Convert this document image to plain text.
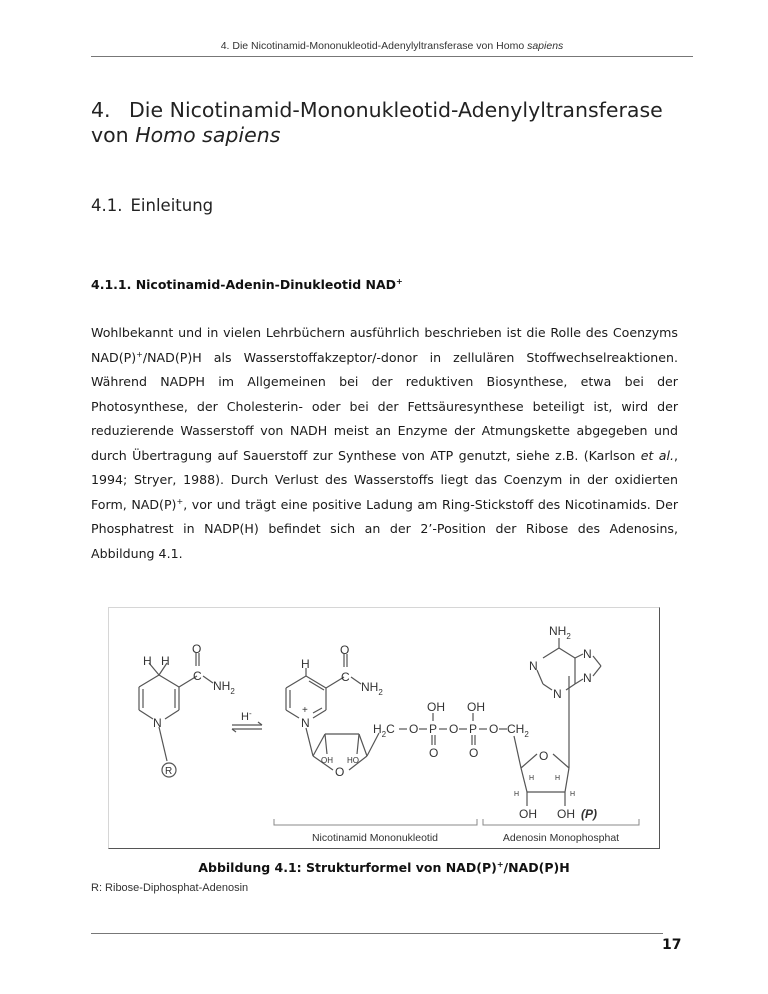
4. Die Nicotinamid-Mononukleotid-Adenylyltransferase von Homo sapiens
4. Die Nicotinamid-Mononukleotid-Adenylyltransferase
von Homo sapiens
4.1. Einleitung
4.1.1. Nicotinamid-Adenin-Dinukleotid NAD+

Wohlbekannt und in vielen Lehrbüchern ausführlich beschrieben ist die Rolle des Coenzyms NAD(P)+/NAD(P)H als Wasserstoffakzeptor/-donor in zellulären Stoffwechselreaktionen. Während NADPH im Allgemeinen bei der reduktiven Biosynthese, etwa bei der Photosynthese, der Cholesterin- oder bei der Fettsäuresynthese beteiligt ist, wird der reduzierende Wasserstoff von NADH meist an Enzyme der Atmungskette abgegeben und durch Übertragung auf Sauerstoff zur Synthese von ATP genutzt, siehe z.B. (Karlson et al., 1994; Stryer, 1988). Durch Verlust des Wasserstoffs liegt das Coenzym in der oxidierten Form, NAD(P)+, vor und trägt eine positive Ladung am Ring-Stickstoff des Nicotinamids. Der Phosphatrest in NADP(H) befindet sich an der 2’-Position der Ribose des Adenosins, Abbildung 4.1.

H H
O
C
$NH_2$
N
R
H-
H
O
C
$NH_2$
N
+
OH HO
O
$H_2C$ O P
OH
O
O P
OH
O
O $CH_2$
O
H	H
H	H
OH OH (P)
$NH_2$
N
N
N
N
Nicotinamid Mononukleotid	Adenosin Monophosphat
Abbildung 4.1: Strukturformel von NAD(P)+/NAD(P)H
R: Ribose-Diphosphat-Adenosin
17
